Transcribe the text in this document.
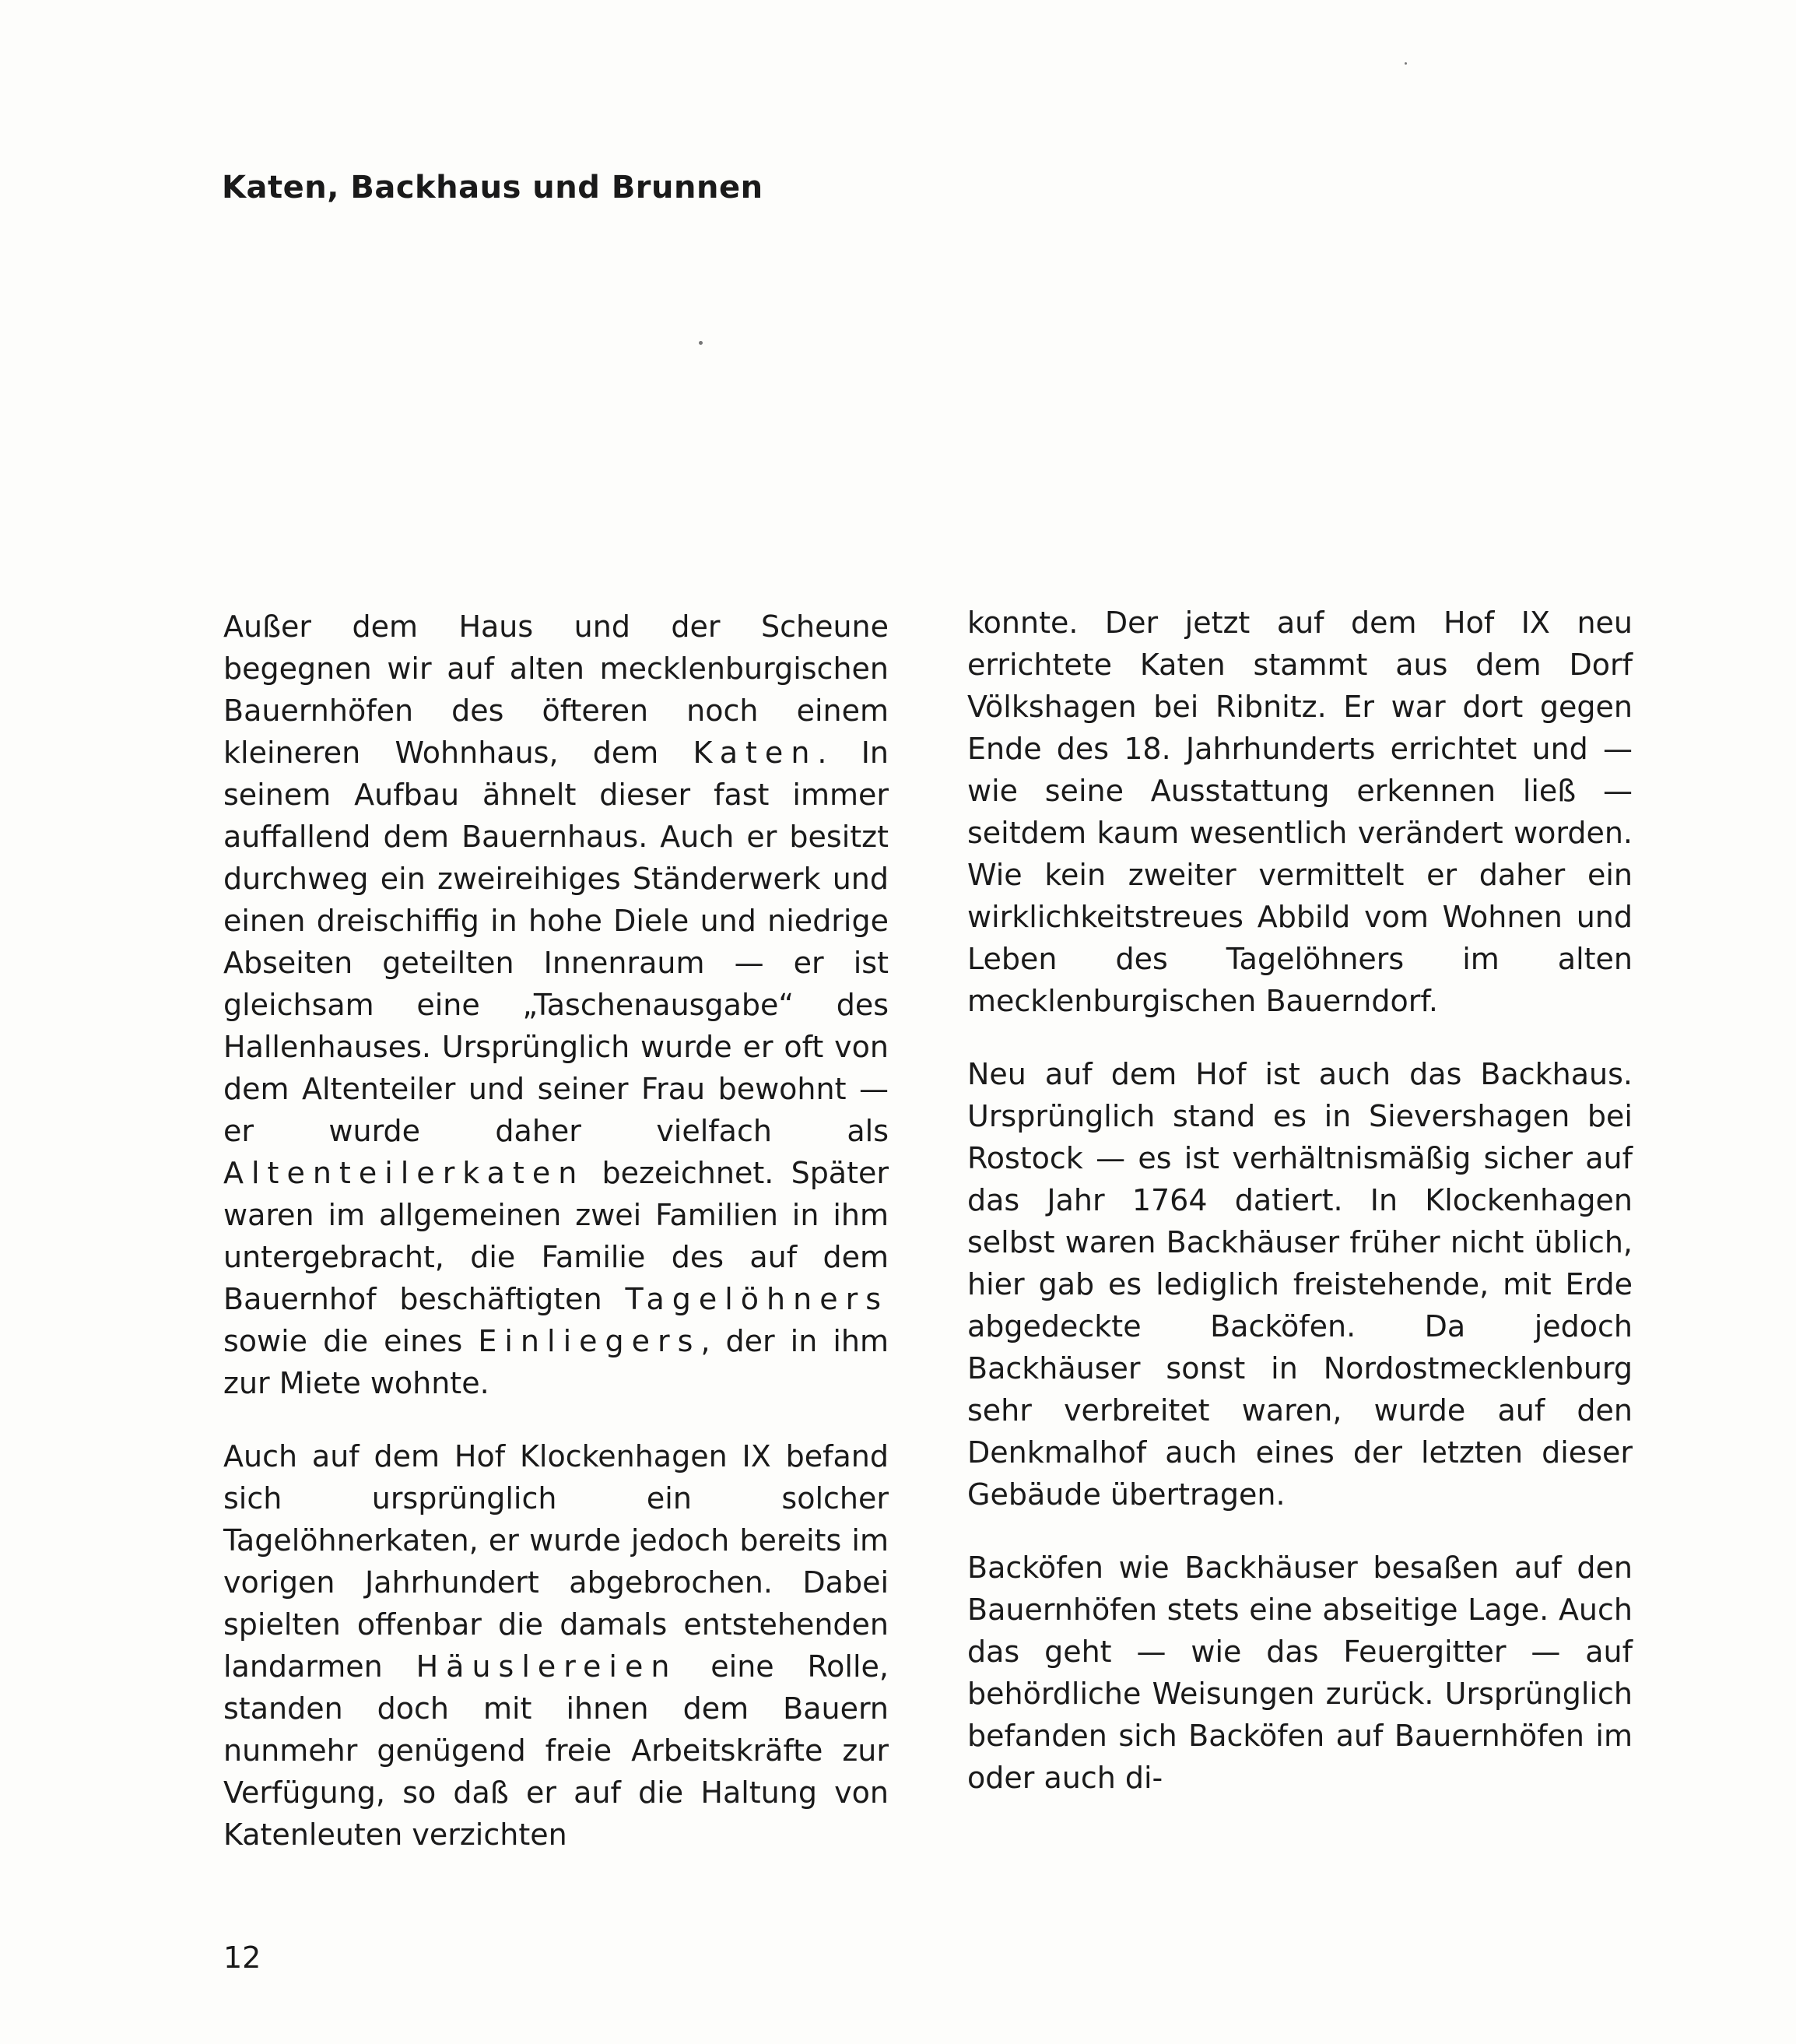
Katen, Backhaus und Brunnen

Außer dem Haus und der Scheune begegnen wir auf alten mecklenburgischen Bauernhöfen des öfteren noch einem kleineren Wohnhaus, dem Katen. In seinem Aufbau ähnelt dieser fast immer auffallend dem Bauernhaus. Auch er besitzt durchweg ein zweireihiges Ständerwerk und einen dreischiffig in hohe Diele und niedrige Abseiten geteilten Innenraum — er ist gleichsam eine „Taschenausgabe“ des Hallenhauses. Ursprünglich wurde er oft von dem Altenteiler und seiner Frau bewohnt — er wurde daher vielfach als Altenteilerkaten bezeichnet. Später waren im allgemeinen zwei Familien in ihm untergebracht, die Familie des auf dem Bauernhof beschäftigten Tagelöhners sowie die eines Einliegers, der in ihm zur Miete wohnte.

Auch auf dem Hof Klockenhagen IX befand sich ursprünglich ein solcher Tagelöhnerkaten, er wurde jedoch bereits im vorigen Jahrhundert abgebrochen. Dabei spielten offenbar die damals entstehenden landarmen Häuslereien eine Rolle, standen doch mit ihnen dem Bauern nunmehr genügend freie Arbeitskräfte zur Verfügung, so daß er auf die Haltung von Katenleuten verzichten

konnte. Der jetzt auf dem Hof IX neu errichtete Katen stammt aus dem Dorf Völkshagen bei Ribnitz. Er war dort gegen Ende des 18. Jahrhunderts errichtet und — wie seine Ausstattung erkennen ließ — seitdem kaum wesentlich verändert worden. Wie kein zweiter vermittelt er daher ein wirklichkeitstreues Abbild vom Wohnen und Leben des Tagelöhners im alten mecklenburgischen Bauerndorf.

Neu auf dem Hof ist auch das Backhaus. Ursprünglich stand es in Sievershagen bei Rostock — es ist verhältnismäßig sicher auf das Jahr 1764 datiert. In Klockenhagen selbst waren Backhäuser früher nicht üblich, hier gab es lediglich freistehende, mit Erde abgedeckte Backöfen. Da jedoch Backhäuser sonst in Nordostmecklenburg sehr verbreitet waren, wurde auf den Denkmalhof auch eines der letzten dieser Gebäude übertragen.

Backöfen wie Backhäuser besaßen auf den Bauernhöfen stets eine abseitige Lage. Auch das geht — wie das Feuergitter — auf behördliche Weisungen zurück. Ursprünglich befanden sich Backöfen auf Bauernhöfen im oder auch di-

12
